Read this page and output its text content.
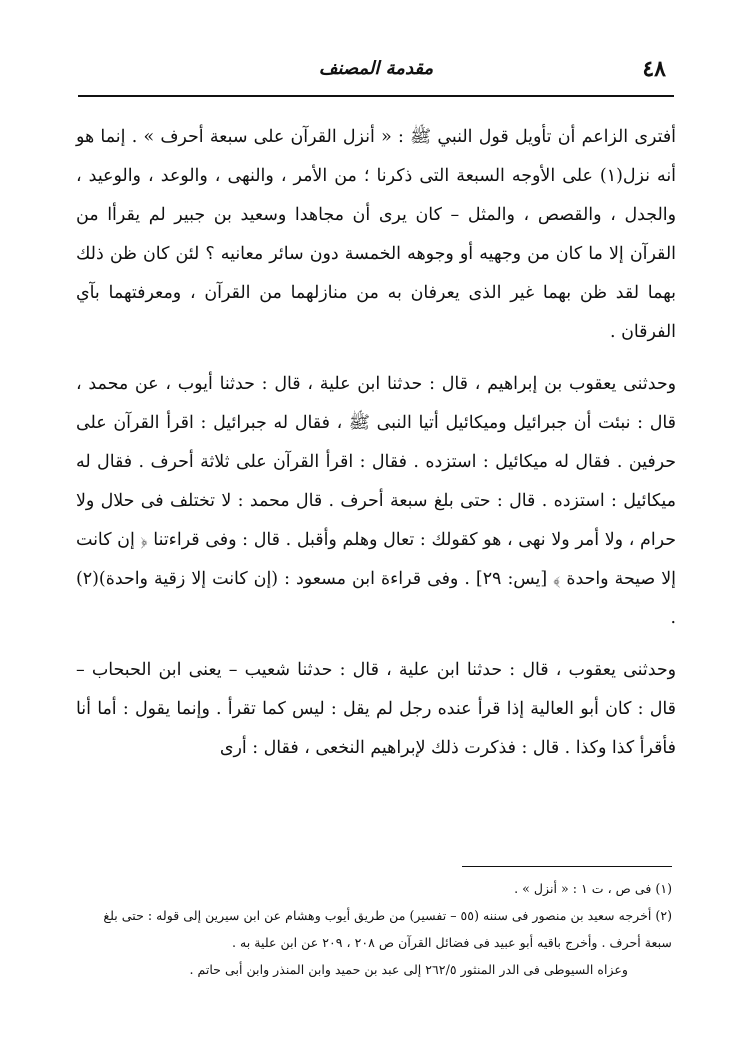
٤٨
مقدمة المصنف

أفترى الزاعم أن تأويل قول النبي ﷺ : « أنزل القرآن على سبعة أحرف » . إنما هو أنه نزل(١) على الأوجه السبعة التى ذكرنا ؛ من الأمر ، والنهى ، والوعد ، والوعيد ، والجدل ، والقصص ، والمثل – كان يرى أن مجاهدا وسعيد بن جبير لم يقرأا من القرآن إلا ما كان من وجهيه أو وجوهه الخمسة دون سائر معانيه ؟ لئن كان ظن ذلك بهما لقد ظن بهما غير الذى يعرفان به من منازلهما من القرآن ، ومعرفتهما بآي الفرقان .

وحدثنى يعقوب بن إبراهيم ، قال : حدثنا ابن علية ، قال : حدثنا أيوب ، عن محمد ، قال : نبئت أن جبرائيل وميكائيل أتيا النبى ﷺ ، فقال له جبرائيل : اقرأ القرآن على حرفين . فقال له ميكائيل : استزده . فقال : اقرأ القرآن على ثلاثة أحرف . فقال له ميكائيل : استزده . قال : حتى بلغ سبعة أحرف . قال محمد : لا تختلف فى حلال ولا حرام ، ولا أمر ولا نهى ، هو كقولك : تعال وهلم وأقبل . قال : وفى قراءتنا ﴿ إن كانت إلا صيحة واحدة ﴾ [يس: ٢٩] . وفى قراءة ابن مسعود : (إن كانت إلا زقية واحدة)(٢) .

وحدثنى يعقوب ، قال : حدثنا ابن علية ، قال : حدثنا شعيب – يعنى ابن الحبحاب – قال : كان أبو العالية إذا قرأ عنده رجل لم يقل : ليس كما تقرأ . وإنما يقول : أما أنا فأقرأ كذا وكذا . قال : فذكرت ذلك لإبراهيم النخعى ، فقال : أرى

(١) فى ص ، ت ١ : « أنزل » .

(٢) أخرجه سعيد بن منصور فى سننه (٥٥ – تفسير) من طريق أيوب وهشام عن ابن سيرين إلى قوله : حتى بلغ سبعة أحرف . وأخرج باقيه أبو عبيد فى فضائل القرآن ص ٢٠٨ ، ٢٠٩ عن ابن علية به .

وعزاه السيوطى فى الدر المنثور ٢٦٢/٥ إلى عبد بن حميد وابن المنذر وابن أبى حاتم .
